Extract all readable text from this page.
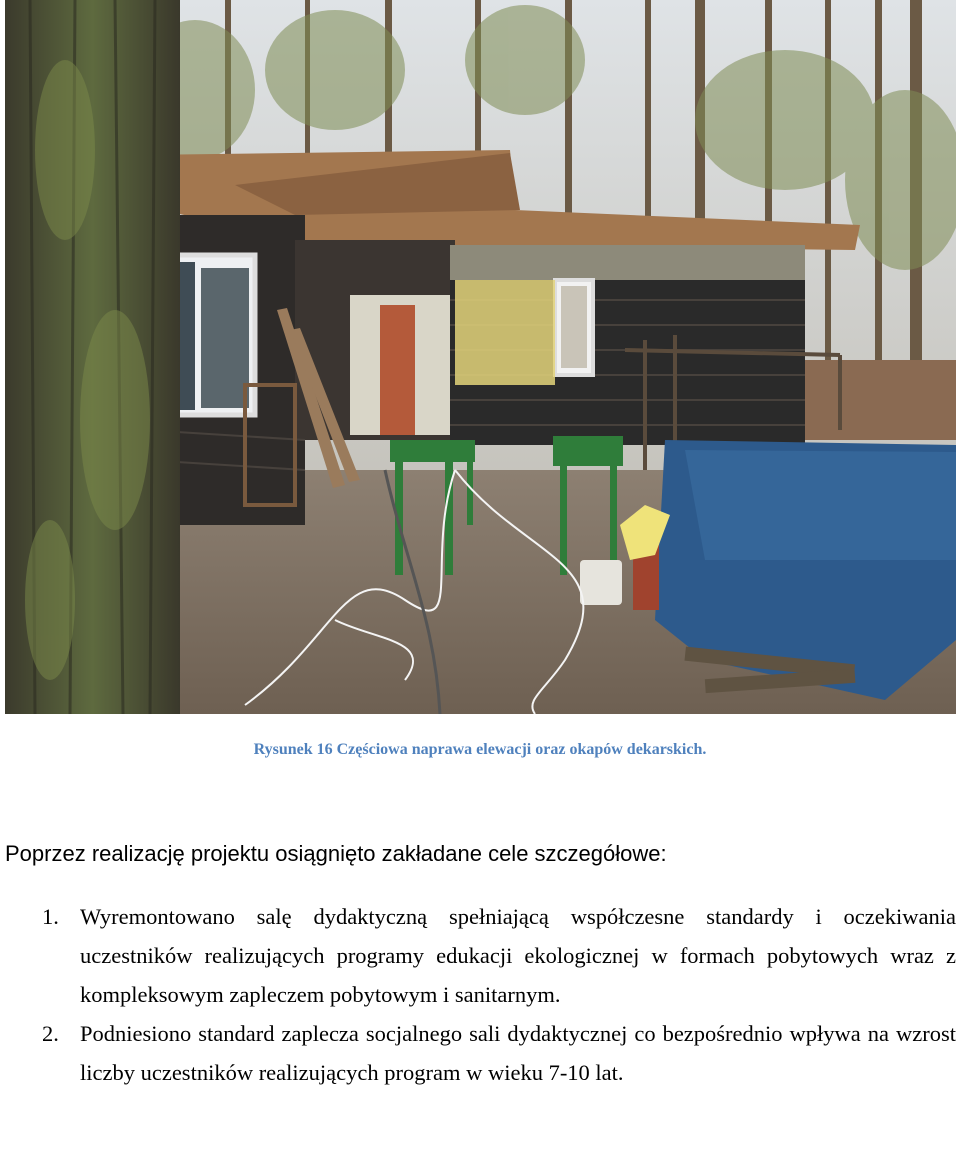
Rysunek 16 Częściowa naprawa elewacji oraz okapów dekarskich.
Poprzez realizację projektu osiągnięto zakładane cele szczegółowe:
1. Wyremontowano salę dydaktyczną spełniającą współczesne standardy i oczekiwania uczestników realizujących programy edukacji ekologicznej w formach pobytowych wraz z kompleksowym zapleczem pobytowym i sanitarnym.
2. Podniesiono standard zaplecza socjalnego sali dydaktycznej co bezpośrednio wpływa na wzrost liczby uczestników realizujących program w wieku 7-10 lat.
